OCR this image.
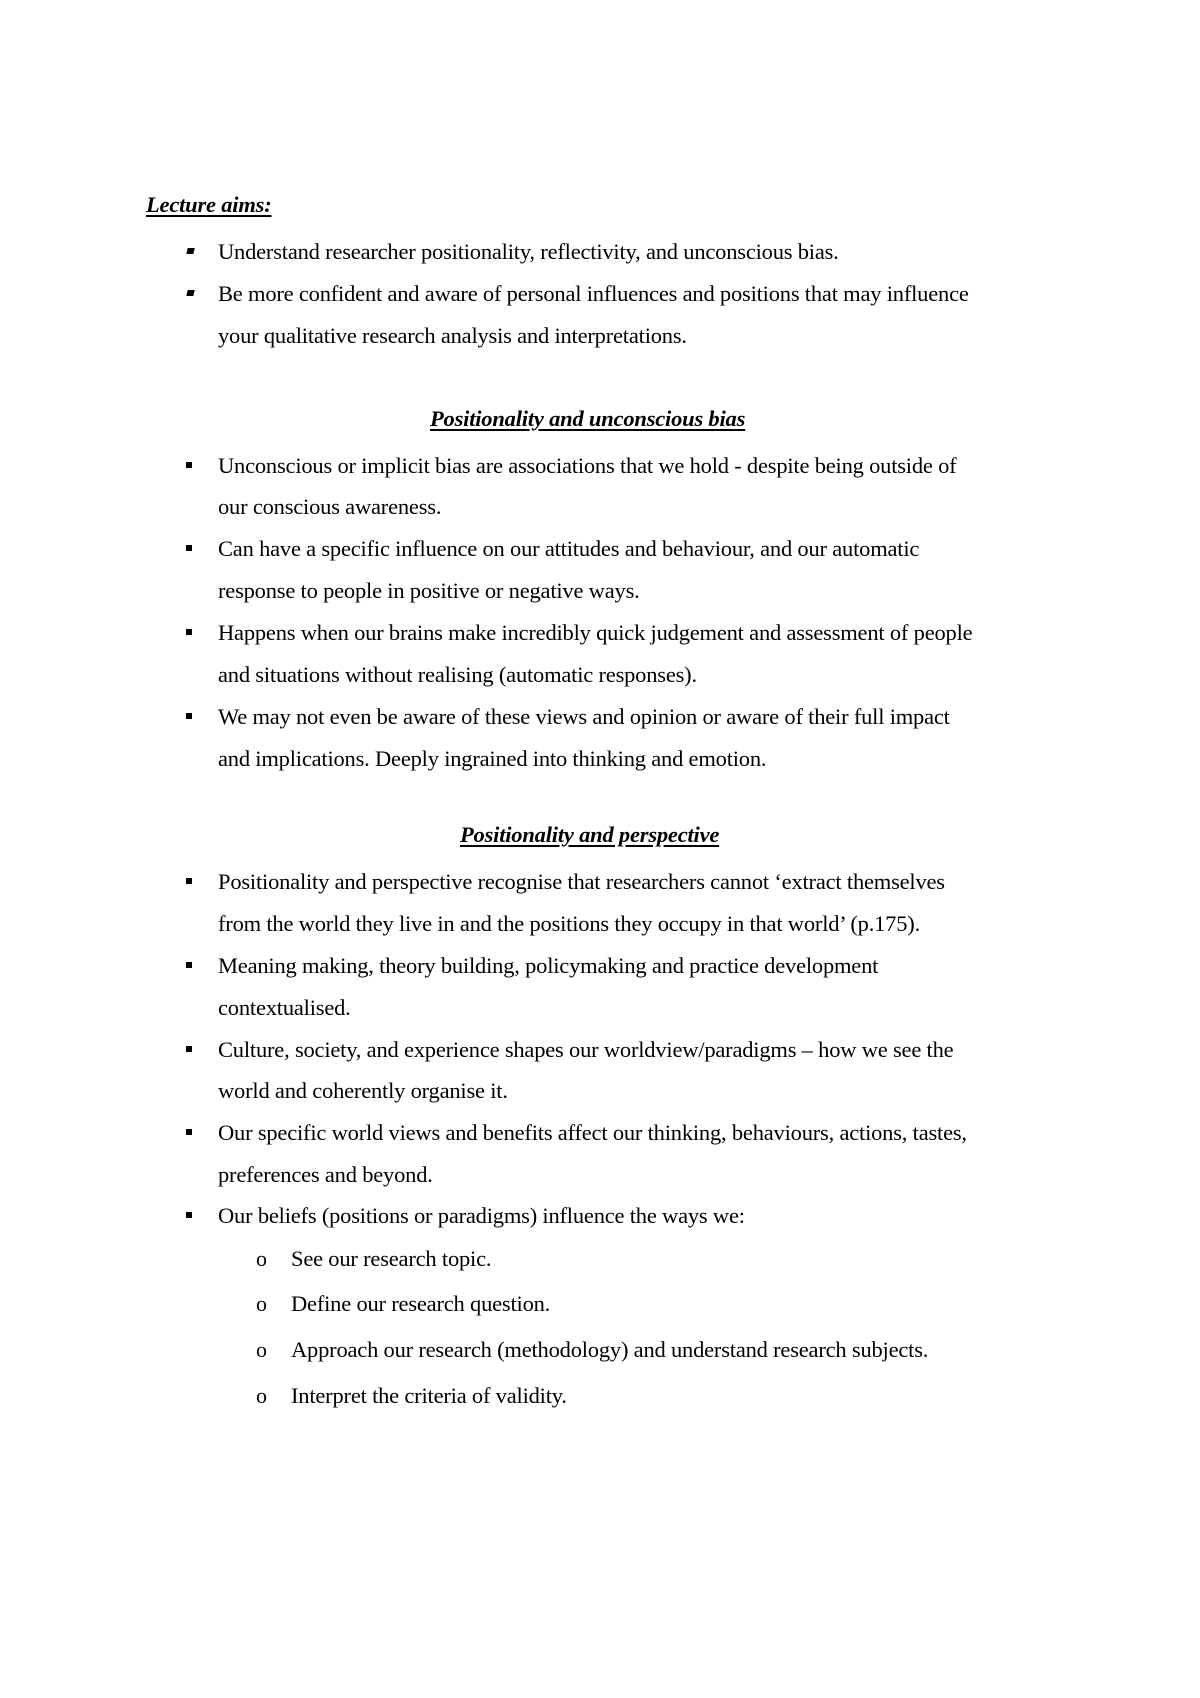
Lecture aims:
Understand researcher positionality, reflectivity, and unconscious bias.
Be more confident and aware of personal influences and positions that may influence
your qualitative research analysis and interpretations.
Positionality and unconscious bias
Unconscious or implicit bias are associations that we hold - despite being outside of
our conscious awareness.
Can have a specific influence on our attitudes and behaviour, and our automatic
response to people in positive or negative ways.
Happens when our brains make incredibly quick judgement and assessment of people
and situations without realising (automatic responses).
We may not even be aware of these views and opinion or aware of their full impact
and implications. Deeply ingrained into thinking and emotion.
Positionality and perspective
Positionality and perspective recognise that researchers cannot ‘extract themselves
from the world they live in and the positions they occupy in that world’ (p.175).
Meaning making, theory building, policymaking and practice development
contextualised.
Culture, society, and experience shapes our worldview/paradigms – how we see the
world and coherently organise it.
Our specific world views and benefits affect our thinking, behaviours, actions, tastes,
preferences and beyond.
Our beliefs (positions or paradigms) influence the ways we:
o See our research topic.
o Define our research question.
o Approach our research (methodology) and understand research subjects.
o Interpret the criteria of validity.
